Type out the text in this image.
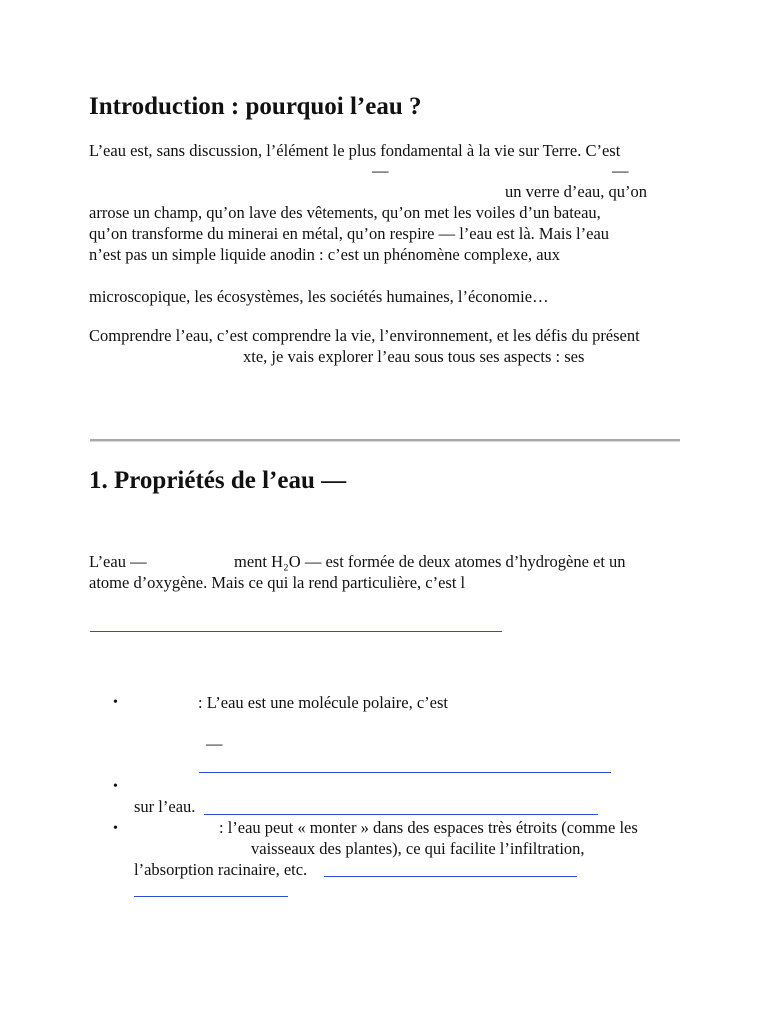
Introduction : pourquoi l’eau ?
L’eau est, sans discussion, l’élément le plus fondamental à la vie sur Terre. C’est
—	—
un verre d’eau, qu’on
arrose un champ, qu’on lave des vêtements, qu’on met les voiles d’un bateau,
qu’on transforme du minerai en métal, qu’on respire — l’eau est là. Mais l’eau
n’est pas un simple liquide anodin : c’est un phénomène complexe, aux
microscopique, les écosystèmes, les sociétés humaines, l’économie…
Comprendre l’eau, c’est comprendre la vie, l’environnement, et les défis du présent
xte, je vais explorer l’eau sous tous ses aspects : ses
1. Propriétés de l’eau —
L’eau —	ment H₂O — est formée de deux atomes d’hydrogène et un
atome d’oxygène. Mais ce qui la rend particulière, c’est l
•	: L’eau est une molécule polaire, c’est
—
•
sur l’eau.
•	: l’eau peut « monter » dans des espaces très étroits (comme les
vaisseaux des plantes), ce qui facilite l’infiltration,
l’absorption racinaire, etc.
